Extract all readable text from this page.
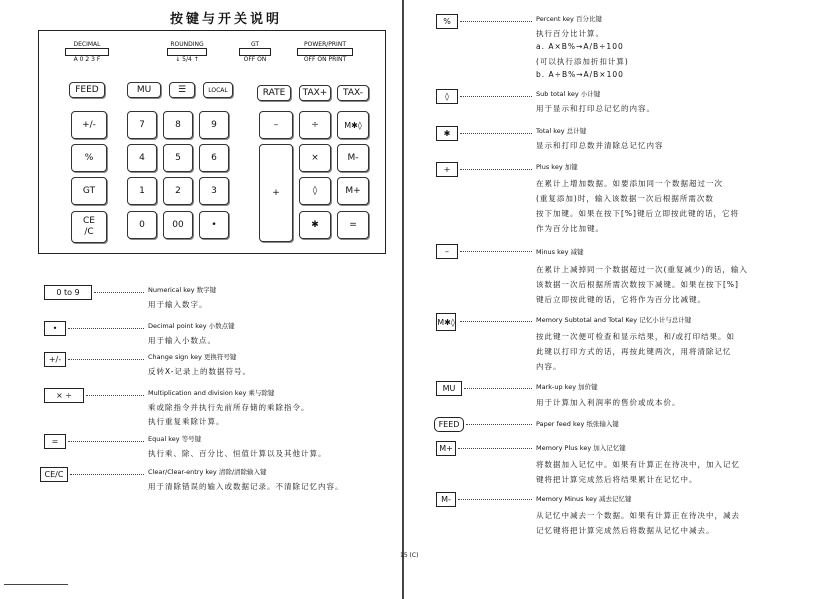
按键与开关说明
DECIMAL
A 0 2 3 F
ROUNDING
↓ 5/4 ↑
GT
OFF ON
POWER/PRINT
OFF ON PRINT
FEED	MU	☰	LOCAL	RATE	TAX+	TAX-
+/-
%
GT
CE
/C
7	8	9
4	5	6
1	2	3
0	00	•
–	÷	M✱◊
+
×	M-
◊	M+
✱	=
0 to 9	Numerical key 数字键
用于输入数字。
•	Decimal point key 小数点键
用于输入小数点。
+/-	Change sign key 更换符号键
反转X-记录上的数据符号。
× ÷	Multiplication and division key 乘与除键
乘或除指令并执行先前所存储的乘除指令。
执行重复乘除计算。
=	Equal key 等号键
执行乘、除、百分比、恒值计算以及其他计算。
CE/C	Clear/Clear-entry key 清除/清除输入键
用于清除错误的输入或数据记录。不清除记忆内容。
15 (C)
%	Percent key 百分比键
执行百分比计算。
a. A×B%→A/B÷100
(可以执行添加折扣计算)
b. A÷B%→A/B×100
◊	Sub total key 小计键
用于显示和打印总记忆的内容。
✱	Total key 总计键
显示和打印总数并清除总记忆内容
+	Plus key 加键
在累计上增加数据。如要添加同一个数据超过一次
(重复添加)时，输入该数据一次后根据所需次数
按下加键。如果在按下[%]键后立即按此键的话，它将
作为百分比加键。
–	Minus key 减键
在累计上减掉同一个数据超过一次(重复减少)的话，输入
该数据一次后根据所需次数按下减键。如果在按下[%]
键后立即按此键的话，它将作为百分比减键。
M✱◊	Memory Subtotal and Total Key 记忆小计与总计键
按此键一次便可检查和显示结果，和/或打印结果。如
此键以打印方式的话，再按此键两次，用将清除记忆
内容。
MU	Mark-up key 加价键
用于计算加入利润率的售价或成本价。
FEED	Paper feed key 纸张输入键
M+	Memory Plus key 加入记忆键
将数据加入记忆中。如果有计算正在待决中，加入记忆
键将把计算完成然后将结果累计在记忆中。
M-	Memory Minus key 减去记忆键
从记忆中减去一个数据。如果有计算正在待决中，减去
记忆键将把计算完成然后将数据从记忆中减去。
